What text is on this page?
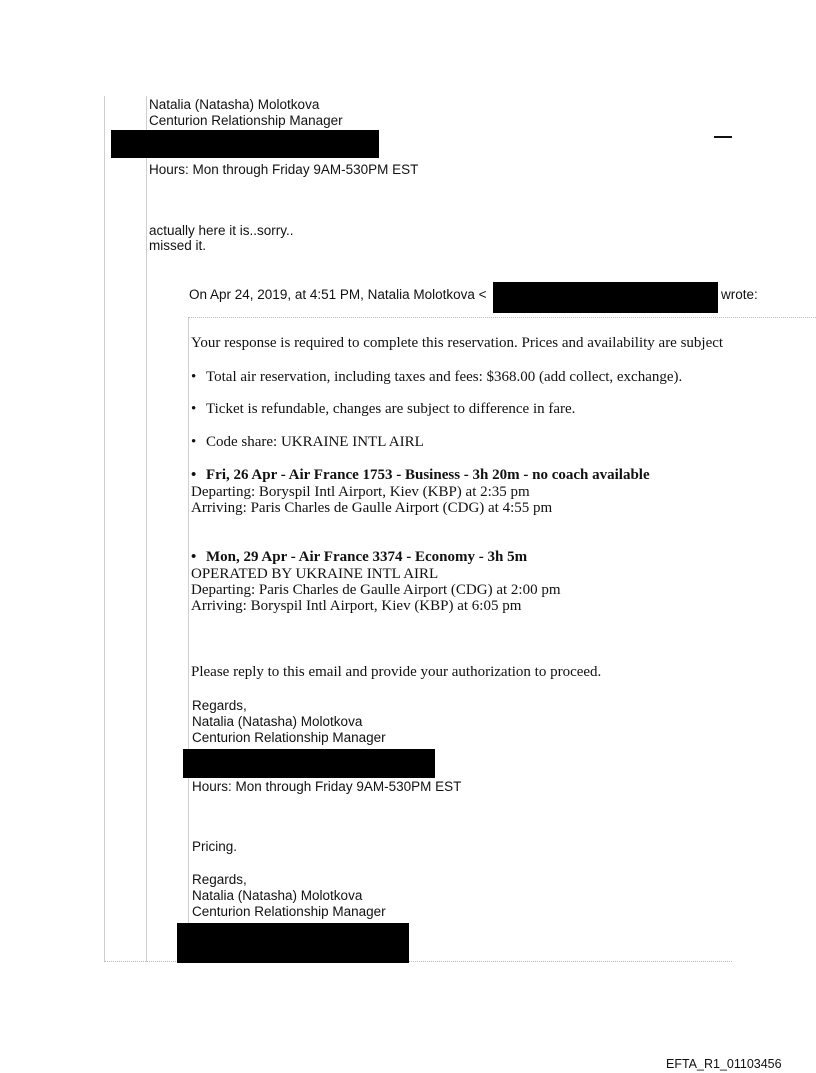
Natalia (Natasha) Molotkova
Centurion Relationship Manager
Hours: Mon through Friday 9AM-530PM EST
actually here it is..sorry..
missed it.
On Apr 24, 2019, at 4:51 PM, Natalia Molotkova <	wrote:
Your response is required to complete this reservation. Prices and availability are subject
• Total air reservation, including taxes and fees: $368.00 (add collect, exchange).
• Ticket is refundable, changes are subject to difference in fare.
• Code share: UKRAINE INTL AIRL
• Fri, 26 Apr - Air France 1753 - Business - 3h 20m - no coach available
Departing: Boryspil Intl Airport, Kiev (KBP) at 2:35 pm
Arriving: Paris Charles de Gaulle Airport (CDG) at 4:55 pm
• Mon, 29 Apr - Air France 3374 - Economy - 3h 5m
OPERATED BY UKRAINE INTL AIRL
Departing: Paris Charles de Gaulle Airport (CDG) at 2:00 pm
Arriving: Boryspil Intl Airport, Kiev (KBP) at 6:05 pm
Please reply to this email and provide your authorization to proceed.
Regards,
Natalia (Natasha) Molotkova
Centurion Relationship Manager
Hours: Mon through Friday 9AM-530PM EST
Pricing.
Regards,
Natalia (Natasha) Molotkova
Centurion Relationship Manager
EFTA_R1_01103456
